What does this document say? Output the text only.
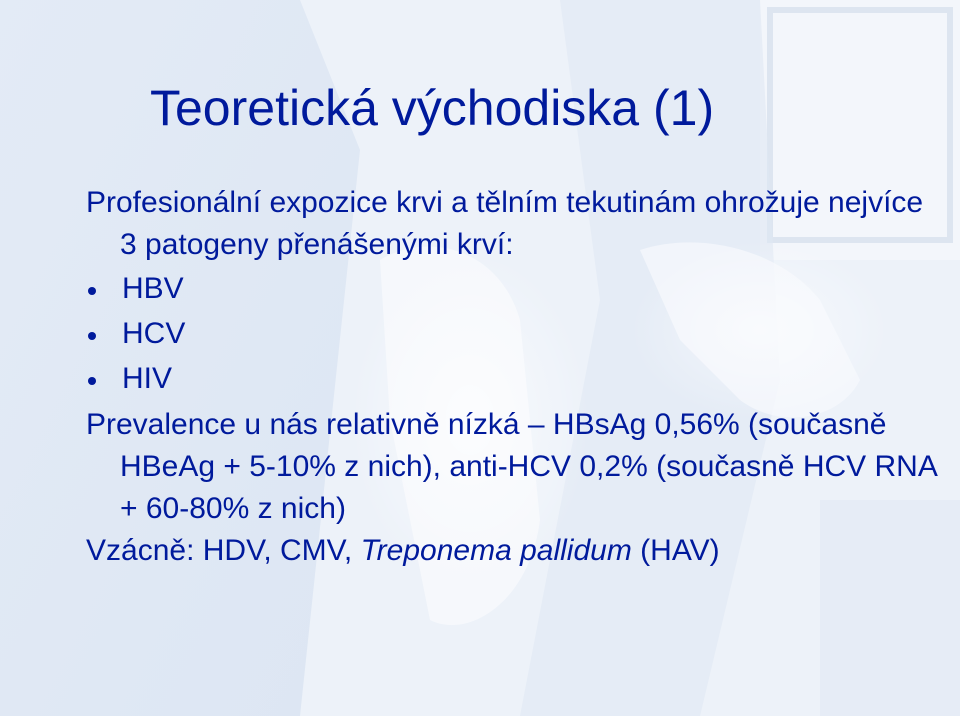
Teoretická východiska (1)

Profesionální expozice krvi a tělním tekutinám ohrožuje nejvíce 3 patogeny přenášenými krví:

HBV
HCV
HIV

Prevalence u nás relativně nízká – HBsAg 0,56% (současně HBeAg + 5-10% z nich), anti-HCV 0,2% (současně HCV RNA + 60-80% z nich)

Vzácně: HDV, CMV, Treponema pallidum (HAV)
